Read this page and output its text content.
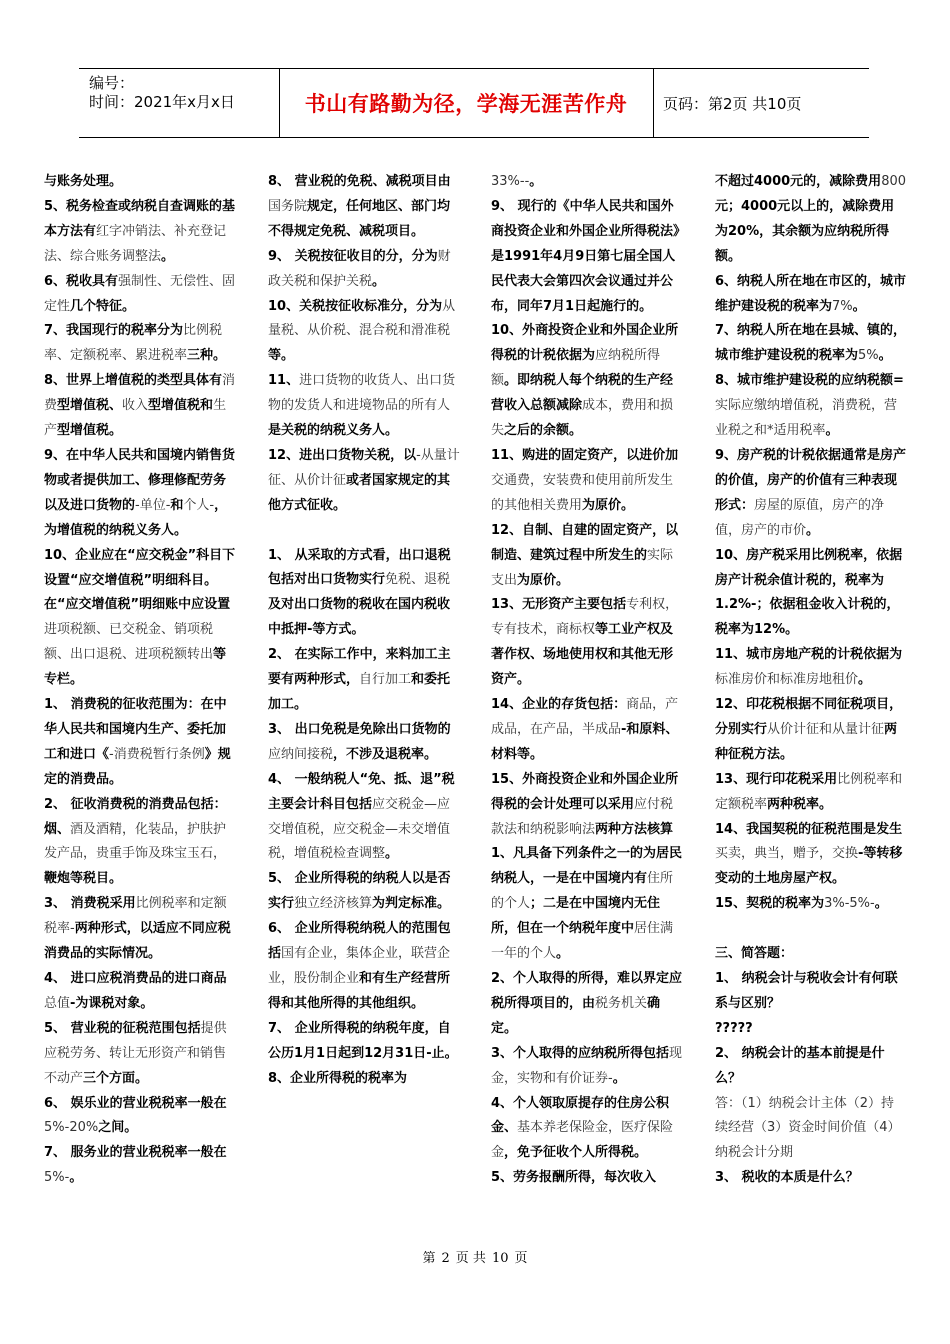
编号：
时间：2021年x月x日	书山有路勤为径，学海无涯苦作舟 页码：第2页 共10页
与账务处理。
5、税务检查或纳税自查调账的基本方法有红字冲销法、补充登记法、综合账务调整法。
6、税收具有强制性、无偿性、固定性几个特征。
7、我国现行的税率分为比例税率、定额税率、累进税率三种。
8、世界上增值税的类型具体有消费型增值税、收入型增值税和生产型增值税。
9、在中华人民共和国境内销售货物或者提供加工、修理修配劳务以及进口货物的-单位-和个人-，为增值税的纳税义务人。
10、企业应在“应交税金”科目下设置“应交增值税”明细科目。在“应交增值税”明细账中应设置进项税额、已交税金、销项税额、出口退税、进项税额转出等专栏。
1、 消费税的征收范围为：在中华人民共和国境内生产、委托加工和进口《-消费税暂行条例》规定的消费品。
2、 征收消费税的消费品包括：烟、酒及酒精，化装品，护肤护发产品，贵重手饰及珠宝玉石，鞭炮等税目。
3、 消费税采用比例税率和定额税率-两种形式，以适应不同应税消费品的实际情况。
4、 进口应税消费品的进口商品总值-为课税对象。
5、 营业税的征税范围包括提供应税劳务、转让无形资产和销售不动产三个方面。
6、 娱乐业的营业税税率一般在5%-20%之间。
7、 服务业的营业税税率一般在5%-。
8、 营业税的免税、减税项目由国务院规定，任何地区、部门均不得规定免税、减税项目。
9、 关税按征收目的分，分为财政关税和保护关税。
10、关税按征收标准分，分为从量税、从价税、混合税和滑准税等。
11、进口货物的收货人、出口货物的发货人和进境物品的所有人是关税的纳税义务人。
12、进出口货物关税，以-从量计征、从价计征或者国家规定的其他方式征收。
1、 从采取的方式看，出口退税包括对出口货物实行免税、退税及对出口货物的税收在国内税收中抵押-等方式。
2、 在实际工作中，来料加工主要有两种形式，自行加工和委托加工。
3、 出口免税是免除出口货物的应纳间接税，不涉及退税率。
4、 一般纳税人“免、抵、退”税主要会计科目包括应交税金—应交增值税，应交税金—未交增值税，增值税检查调整。
5、 企业所得税的纳税人以是否实行独立经济核算为判定标准。
6、 企业所得税纳税人的范围包括国有企业，集体企业，联营企业，股份制企业和有生产经营所得和其他所得的其他组织。
7、 企业所得税的纳税年度，自公历1月1日起到12月31日-止。
8、企业所得税的税率为
33%--。
9、 现行的《中华人民共和国外商投资企业和外国企业所得税法》是1991年4月9日第七届全国人民代表大会第四次会议通过并公布，同年7月1日起施行的。
10、外商投资企业和外国企业所得税的计税依据为应纳税所得额。即纳税人每个纳税的生产经营收入总额减除成本，费用和损失之后的余额。
11、购进的固定资产，以进价加交通费，安装费和使用前所发生的其他相关费用为原价。
12、自制、自建的固定资产，以制造、建筑过程中所发生的实际支出为原价。
13、无形资产主要包括专利权，专有技术，商标权等工业产权及著作权、场地使用权和其他无形资产。
14、企业的存货包括：商品，产成品，在产品，半成品-和原料、材料等。
15、外商投资企业和外国企业所得税的会计处理可以采用应付税款法和纳税影响法两种方法核算
1、凡具备下列条件之一的为居民纳税人，一是在中国境内有住所的个人；二是在中国境内无住所，但在一个纳税年度中居住满一年的个人。
2、个人取得的所得，难以界定应税所得项目的，由税务机关确定。
3、个人取得的应纳税所得包括现金，实物和有价证券-。
4、个人领取原提存的住房公积金、基本养老保险金，医疗保险金，免予征收个人所得税。
5、劳务报酬所得，每次收入
不超过4000元的，减除费用800元；4000元以上的，减除费用为20%，其余额为应纳税所得额。
6、纳税人所在地在市区的，城市维护建设税的税率为7%。
7、纳税人所在地在县城、镇的，城市维护建设税的税率为5%。
8、城市维护建设税的应纳税额=实际应缴纳增值税，消费税，营业税之和*适用税率。
9、房产税的计税依据通常是房产的价值，房产的价值有三种表现形式：房屋的原值，房产的净值，房产的市价。
10、房产税采用比例税率，依据房产计税余值计税的，税率为1.2%-；依据租金收入计税的，税率为12%。
11、城市房地产税的计税依据为标准房价和标准房地租价。
12、印花税根据不同征税项目，分别实行从价计征和从量计征两种征税方法。
13、现行印花税采用比例税率和定额税率两种税率。
14、我国契税的征税范围是发生买卖，典当，赠予，交换-等转移变动的土地房屋产权。
15、契税的税率为3%-5%-。
三、简答题：
1、 纳税会计与税收会计有何联系与区别？
?????
2、 纳税会计的基本前提是什么？
答：（1）纳税会计主体（2）持续经营（3）资金时间价值（4）纳税会计分期
3、 税收的本质是什么？
第 2 页 共 10 页
